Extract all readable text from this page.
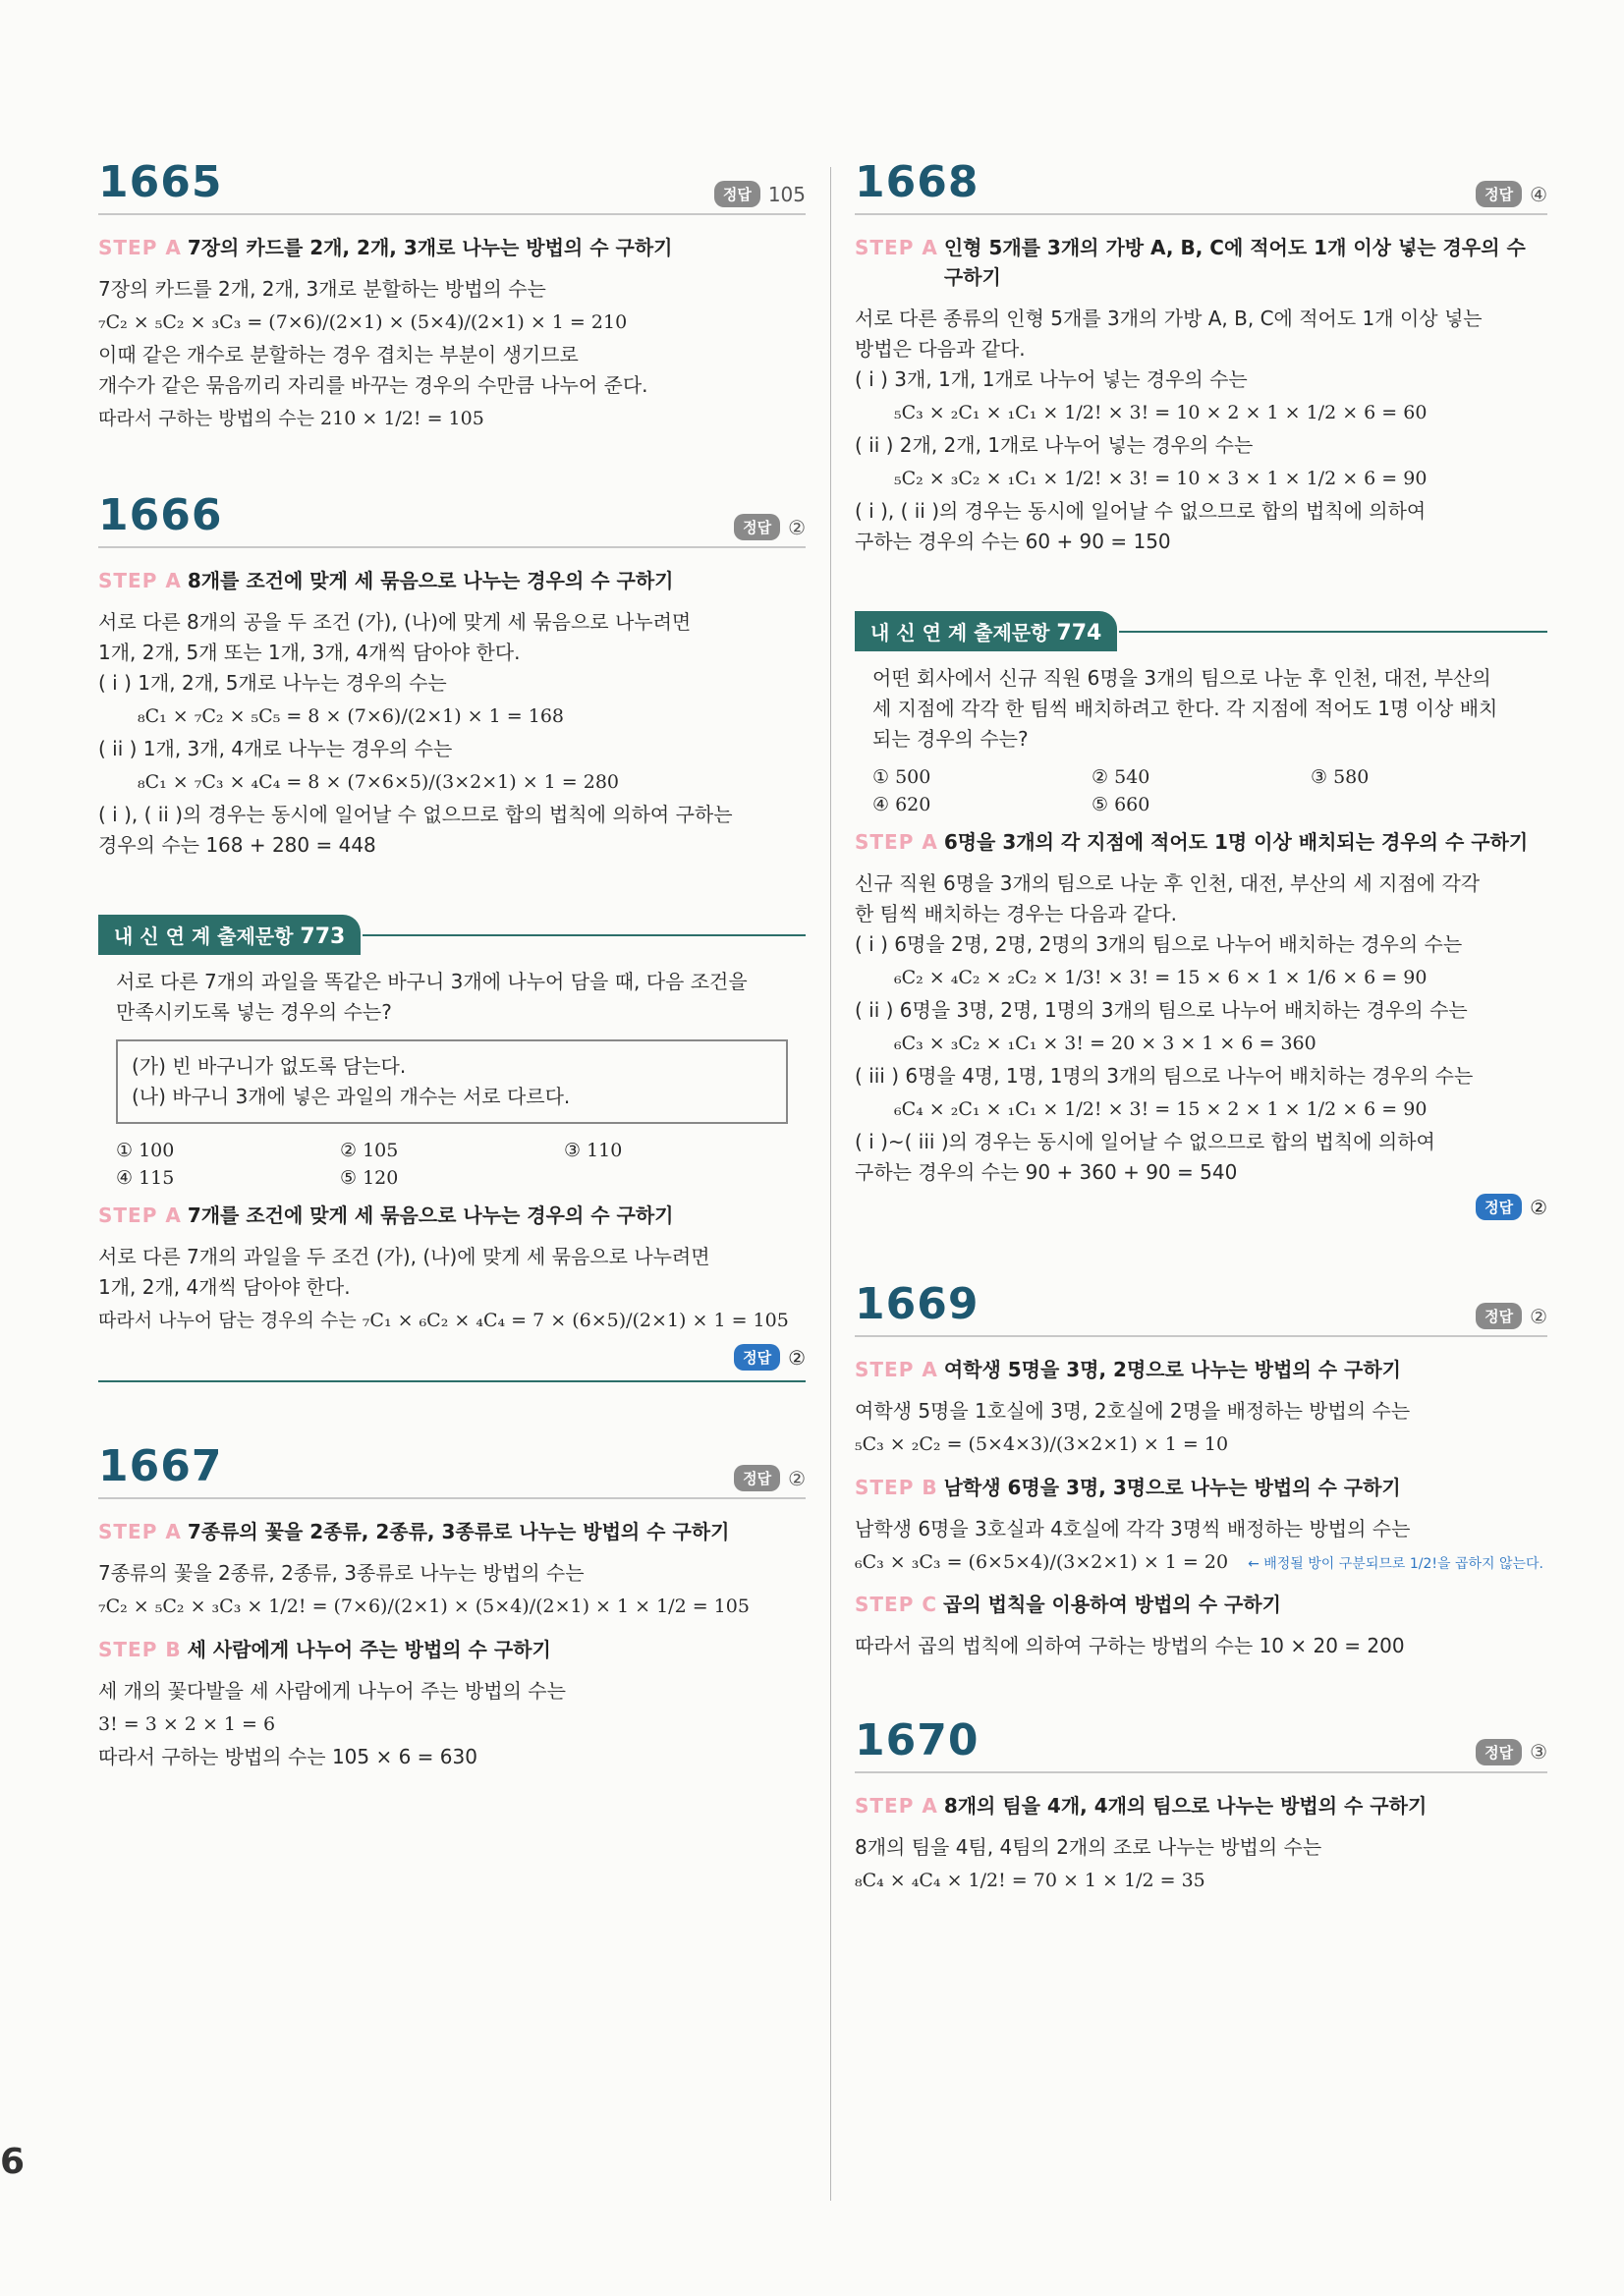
1665	정답 105
STEP A 7장의 카드를 2개, 2개, 3개로 나누는 방법의 수 구하기

7장의 카드를 2개, 2개, 3개로 분할하는 방법의 수는

₇C₂ × ₅C₂ × ₃C₃ = (7×6)/(2×1) × (5×4)/(2×1) × 1 = 210

이때 같은 개수로 분할하는 경우 겹치는 부분이 생기므로

개수가 같은 묶음끼리 자리를 바꾸는 경우의 수만큼 나누어 준다.

따라서 구하는 방법의 수는 210 × 1/2! = 105

1666	정답 ②
STEP A 8개를 조건에 맞게 세 묶음으로 나누는 경우의 수 구하기

서로 다른 8개의 공을 두 조건 (가), (나)에 맞게 세 묶음으로 나누려면

1개, 2개, 5개 또는 1개, 3개, 4개씩 담아야 한다.

( i ) 1개, 2개, 5개로 나누는 경우의 수는

₈C₁ × ₇C₂ × ₅C₅ = 8 × (7×6)/(2×1) × 1 = 168

( ii ) 1개, 3개, 4개로 나누는 경우의 수는

₈C₁ × ₇C₃ × ₄C₄ = 8 × (7×6×5)/(3×2×1) × 1 = 280

( i ), ( ii )의 경우는 동시에 일어날 수 없으므로 합의 법칙에 의하여 구하는

경우의 수는 168 + 280 = 448

내 신 연 계 출제문항 773

서로 다른 7개의 과일을 똑같은 바구니 3개에 나누어 담을 때, 다음 조건을

만족시키도록 넣는 경우의 수는?

(가) 빈 바구니가 없도록 담는다.

(나) 바구니 3개에 넣은 과일의 개수는 서로 다르다.

① 100	② 105	③ 110
④ 115	⑤ 120
STEP A 7개를 조건에 맞게 세 묶음으로 나누는 경우의 수 구하기

서로 다른 7개의 과일을 두 조건 (가), (나)에 맞게 세 묶음으로 나누려면

1개, 2개, 4개씩 담아야 한다.

따라서 나누어 담는 경우의 수는 ₇C₁ × ₆C₂ × ₄C₄ = 7 × (6×5)/(2×1) × 1 = 105

정답 ②
1667	정답 ②
STEP A 7종류의 꽃을 2종류, 2종류, 3종류로 나누는 방법의 수 구하기

7종류의 꽃을 2종류, 2종류, 3종류로 나누는 방법의 수는

₇C₂ × ₅C₂ × ₃C₃ × 1/2! = (7×6)/(2×1) × (5×4)/(2×1) × 1 × 1/2 = 105

STEP B 세 사람에게 나누어 주는 방법의 수 구하기

세 개의 꽃다발을 세 사람에게 나누어 주는 방법의 수는

3! = 3 × 2 × 1 = 6

따라서 구하는 방법의 수는 105 × 6 = 630

1668	정답 ④
STEP A 인형 5개를 3개의 가방 A, B, C에 적어도 1개 이상 넣는 경우의 수 구하기

서로 다른 종류의 인형 5개를 3개의 가방 A, B, C에 적어도 1개 이상 넣는

방법은 다음과 같다.

( i ) 3개, 1개, 1개로 나누어 넣는 경우의 수는

₅C₃ × ₂C₁ × ₁C₁ × 1/2! × 3! = 10 × 2 × 1 × 1/2 × 6 = 60

( ii ) 2개, 2개, 1개로 나누어 넣는 경우의 수는

₅C₂ × ₃C₂ × ₁C₁ × 1/2! × 3! = 10 × 3 × 1 × 1/2 × 6 = 90

( i ), ( ii )의 경우는 동시에 일어날 수 없으므로 합의 법칙에 의하여

구하는 경우의 수는 60 + 90 = 150

내 신 연 계 출제문항 774

어떤 회사에서 신규 직원 6명을 3개의 팀으로 나눈 후 인천, 대전, 부산의

세 지점에 각각 한 팀씩 배치하려고 한다. 각 지점에 적어도 1명 이상 배치

되는 경우의 수는?

① 500	② 540	③ 580
④ 620	⑤ 660
STEP A 6명을 3개의 각 지점에 적어도 1명 이상 배치되는 경우의 수 구하기

신규 직원 6명을 3개의 팀으로 나눈 후 인천, 대전, 부산의 세 지점에 각각

한 팀씩 배치하는 경우는 다음과 같다.

( i ) 6명을 2명, 2명, 2명의 3개의 팀으로 나누어 배치하는 경우의 수는

₆C₂ × ₄C₂ × ₂C₂ × 1/3! × 3! = 15 × 6 × 1 × 1/6 × 6 = 90

( ii ) 6명을 3명, 2명, 1명의 3개의 팀으로 나누어 배치하는 경우의 수는

₆C₃ × ₃C₂ × ₁C₁ × 3! = 20 × 3 × 1 × 6 = 360

( iii ) 6명을 4명, 1명, 1명의 3개의 팀으로 나누어 배치하는 경우의 수는

₆C₄ × ₂C₁ × ₁C₁ × 1/2! × 3! = 15 × 2 × 1 × 1/2 × 6 = 90

( i )~( iii )의 경우는 동시에 일어날 수 없으므로 합의 법칙에 의하여

구하는 경우의 수는 90 + 360 + 90 = 540

정답 ②
1669	정답 ②
STEP A 여학생 5명을 3명, 2명으로 나누는 방법의 수 구하기

여학생 5명을 1호실에 3명, 2호실에 2명을 배정하는 방법의 수는

₅C₃ × ₂C₂ = (5×4×3)/(3×2×1) × 1 = 10

STEP B 남학생 6명을 3명, 3명으로 나누는 방법의 수 구하기

남학생 6명을 3호실과 4호실에 각각 3명씩 배정하는 방법의 수는

₆C₃ × ₃C₃ = (6×5×4)/(3×2×1) × 1 = 20 ← 배정될 방이 구분되므로 1/2!을 곱하지 않는다.

STEP C 곱의 법칙을 이용하여 방법의 수 구하기

따라서 곱의 법칙에 의하여 구하는 방법의 수는 10 × 20 = 200

1670	정답 ③
STEP A 8개의 팀을 4개, 4개의 팀으로 나누는 방법의 수 구하기

8개의 팀을 4팀, 4팀의 2개의 조로 나누는 방법의 수는

₈C₄ × ₄C₄ × 1/2! = 70 × 1 × 1/2 = 35

6
